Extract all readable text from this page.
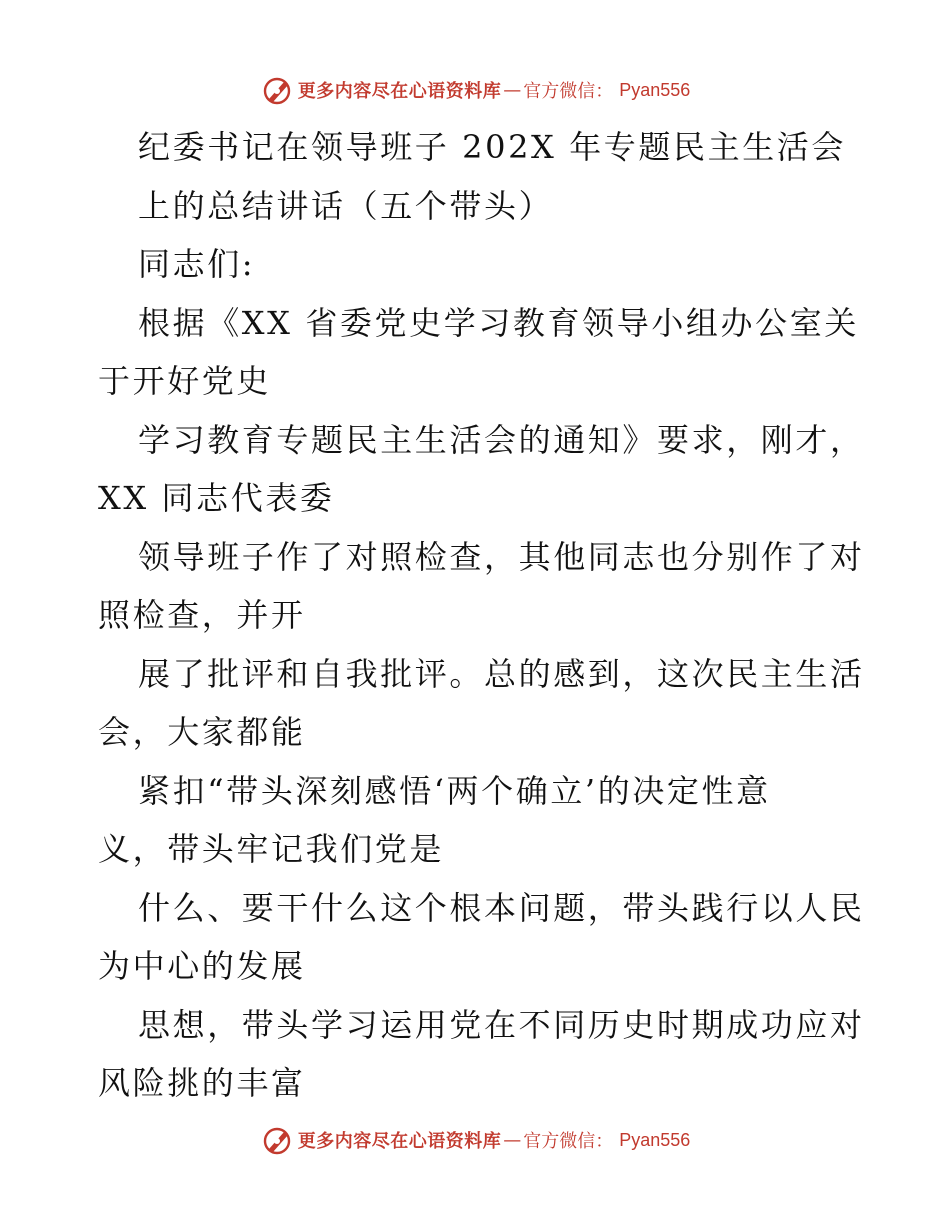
更多内容尽在心语资料库 — 官方微信： Pyan556
纪委书记在领导班子 202X 年专题民主生活会
上的总结讲话（五个带头）
同志们:
根据《XX 省委党史学习教育领导小组办公室关
于开好党史
学习教育专题民主生活会的通知》要求，刚才，
XX 同志代表委
领导班子作了对照检查，其他同志也分别作了对
照检查，并开
展了批评和自我批评。总的感到，这次民主生活
会，大家都能
紧扣“带头深刻感悟‘两个确立’的决定性意
义，带头牢记我们党是
什么、要干什么这个根本问题，带头践行以人民
为中心的发展
思想，带头学习运用党在不同历史时期成功应对
风险挑的丰富
更多内容尽在心语资料库 — 官方微信： Pyan556
